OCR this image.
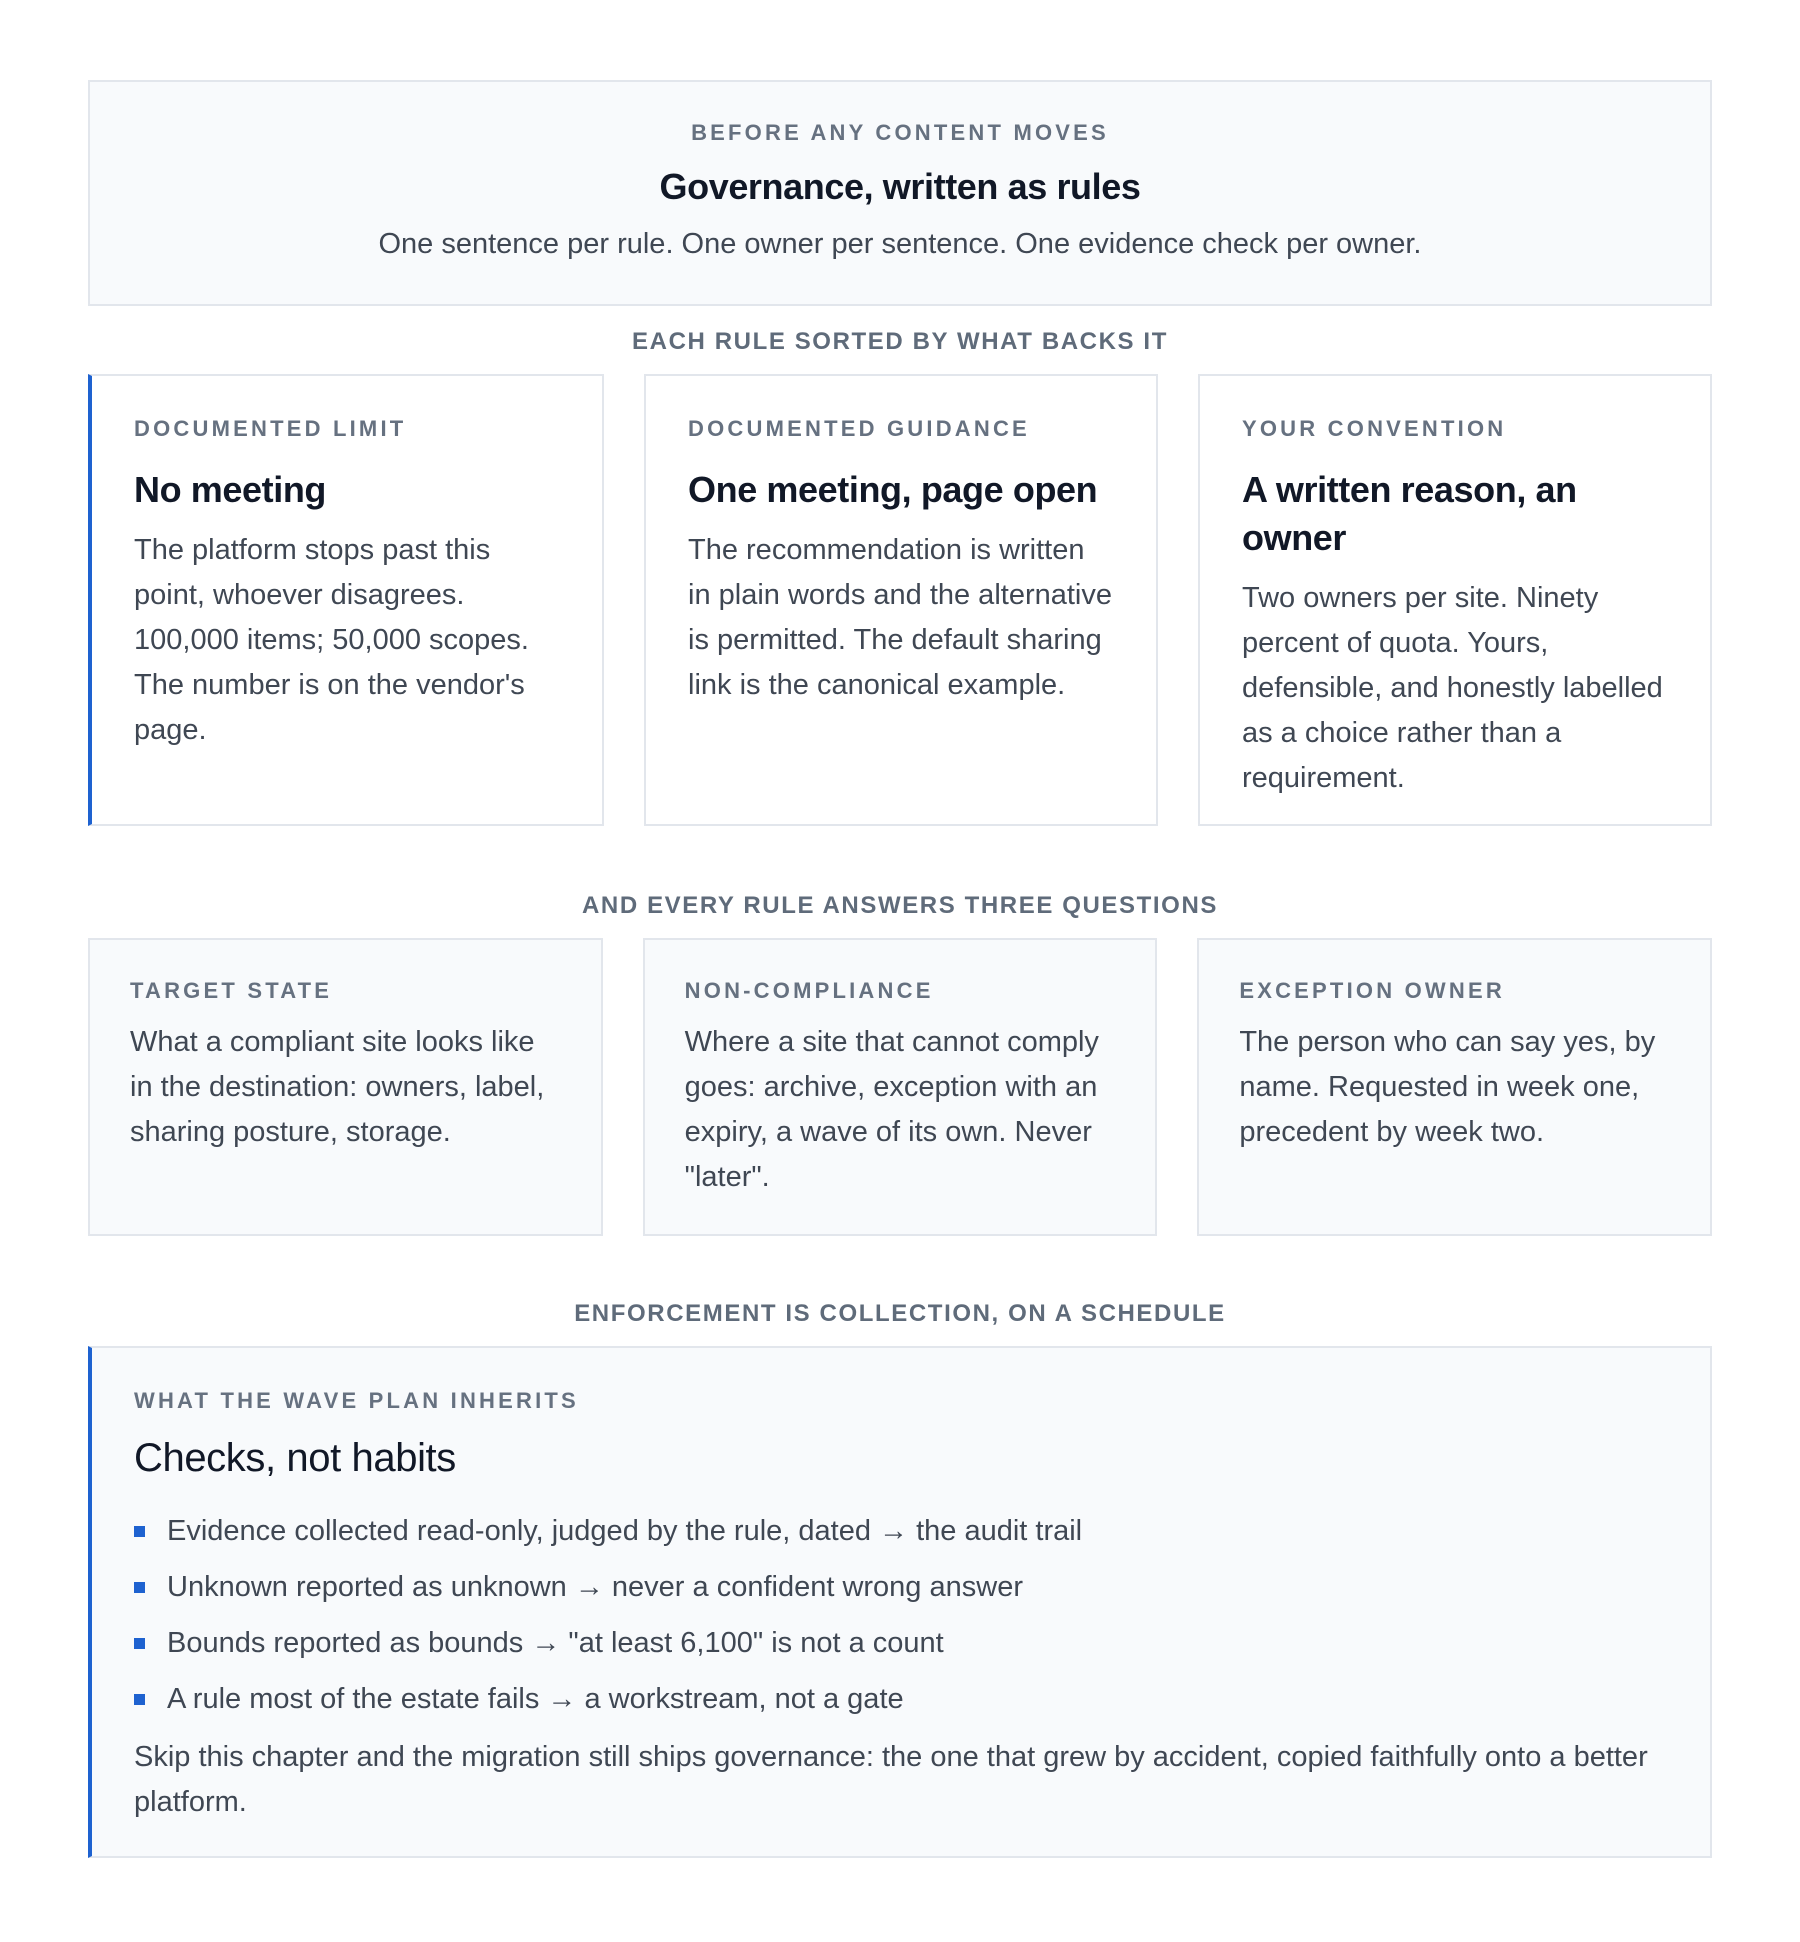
BEFORE ANY CONTENT MOVES
Governance, written as rules
One sentence per rule. One owner per sentence. One evidence check per owner.
EACH RULE SORTED BY WHAT BACKS IT
DOCUMENTED LIMIT
No meeting
The platform stops past this point, whoever disagrees. 100,000 items; 50,000 scopes. The number is on the vendor's page.
DOCUMENTED GUIDANCE
One meeting, page open
The recommendation is written in plain words and the alternative is permitted. The default sharing link is the canonical example.
YOUR CONVENTION
A written reason, an owner
Two owners per site. Ninety percent of quota. Yours, defensible, and honestly labelled as a choice rather than a requirement.
AND EVERY RULE ANSWERS THREE QUESTIONS
TARGET STATE
What a compliant site looks like in the destination: owners, label, sharing posture, storage.
NON-COMPLIANCE
Where a site that cannot comply goes: archive, exception with an expiry, a wave of its own. Never "later".
EXCEPTION OWNER
The person who can say yes, by name. Requested in week one, precedent by week two.
ENFORCEMENT IS COLLECTION, ON A SCHEDULE
WHAT THE WAVE PLAN INHERITS
Checks, not habits
Evidence collected read-only, judged by the rule, dated → the audit trail
Unknown reported as unknown → never a confident wrong answer
Bounds reported as bounds → "at least 6,100" is not a count
A rule most of the estate fails → a workstream, not a gate
Skip this chapter and the migration still ships governance: the one that grew by accident, copied faithfully onto a better platform.
